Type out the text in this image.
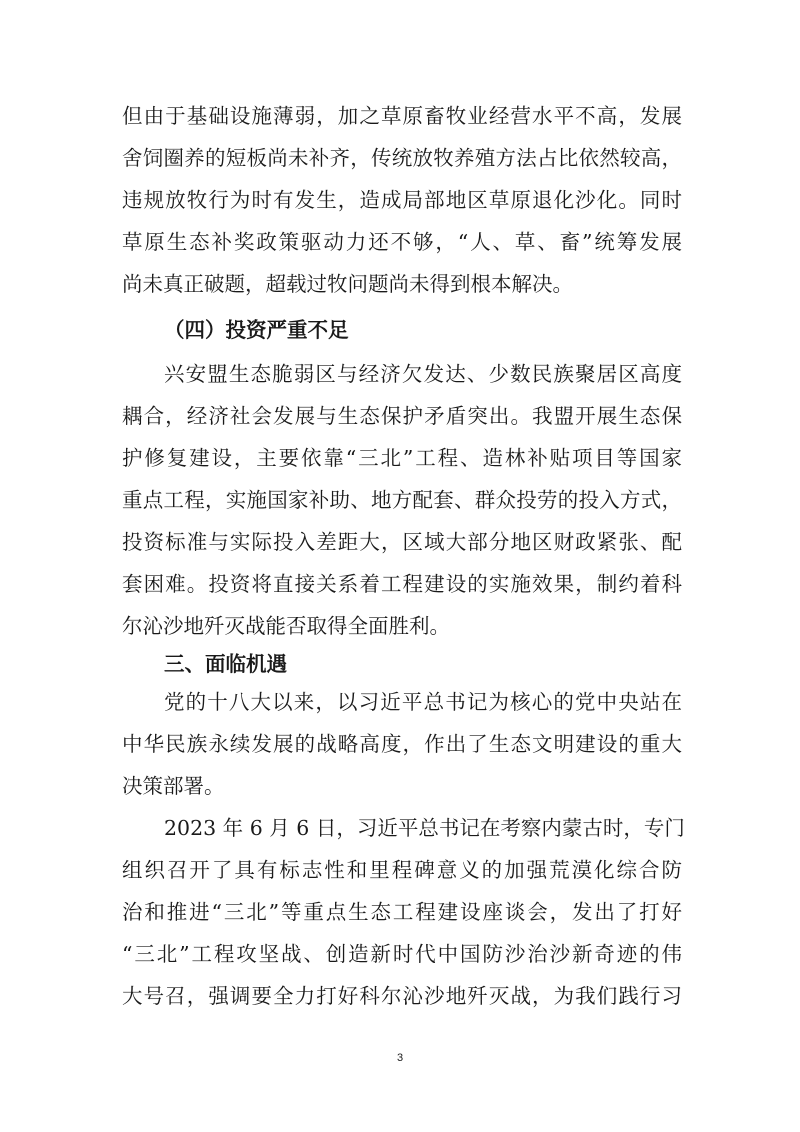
但由于基础设施薄弱，加之草原畜牧业经营水平不高，发展
舍饲圈养的短板尚未补齐，传统放牧养殖方法占比依然较高，
违规放牧行为时有发生，造成局部地区草原退化沙化。同时
草原生态补奖政策驱动力还不够，“人、草、畜”统筹发展
尚未真正破题，超载过牧问题尚未得到根本解决。
（四）投资严重不足
兴安盟生态脆弱区与经济欠发达、少数民族聚居区高度
耦合，经济社会发展与生态保护矛盾突出。我盟开展生态保
护修复建设，主要依靠“三北”工程、造林补贴项目等国家
重点工程，实施国家补助、地方配套、群众投劳的投入方式，
投资标准与实际投入差距大，区域大部分地区财政紧张、配
套困难。投资将直接关系着工程建设的实施效果，制约着科
尔沁沙地歼灭战能否取得全面胜利。
三、面临机遇
党的十八大以来，以习近平总书记为核心的党中央站在
中华民族永续发展的战略高度，作出了生态文明建设的重大
决策部署。
2023 年 6 月 6 日，习近平总书记在考察内蒙古时，专门
组织召开了具有标志性和里程碑意义的加强荒漠化综合防
治和推进“三北”等重点生态工程建设座谈会，发出了打好
“三北”工程攻坚战、创造新时代中国防沙治沙新奇迹的伟
大号召，强调要全力打好科尔沁沙地歼灭战，为我们践行习
3
